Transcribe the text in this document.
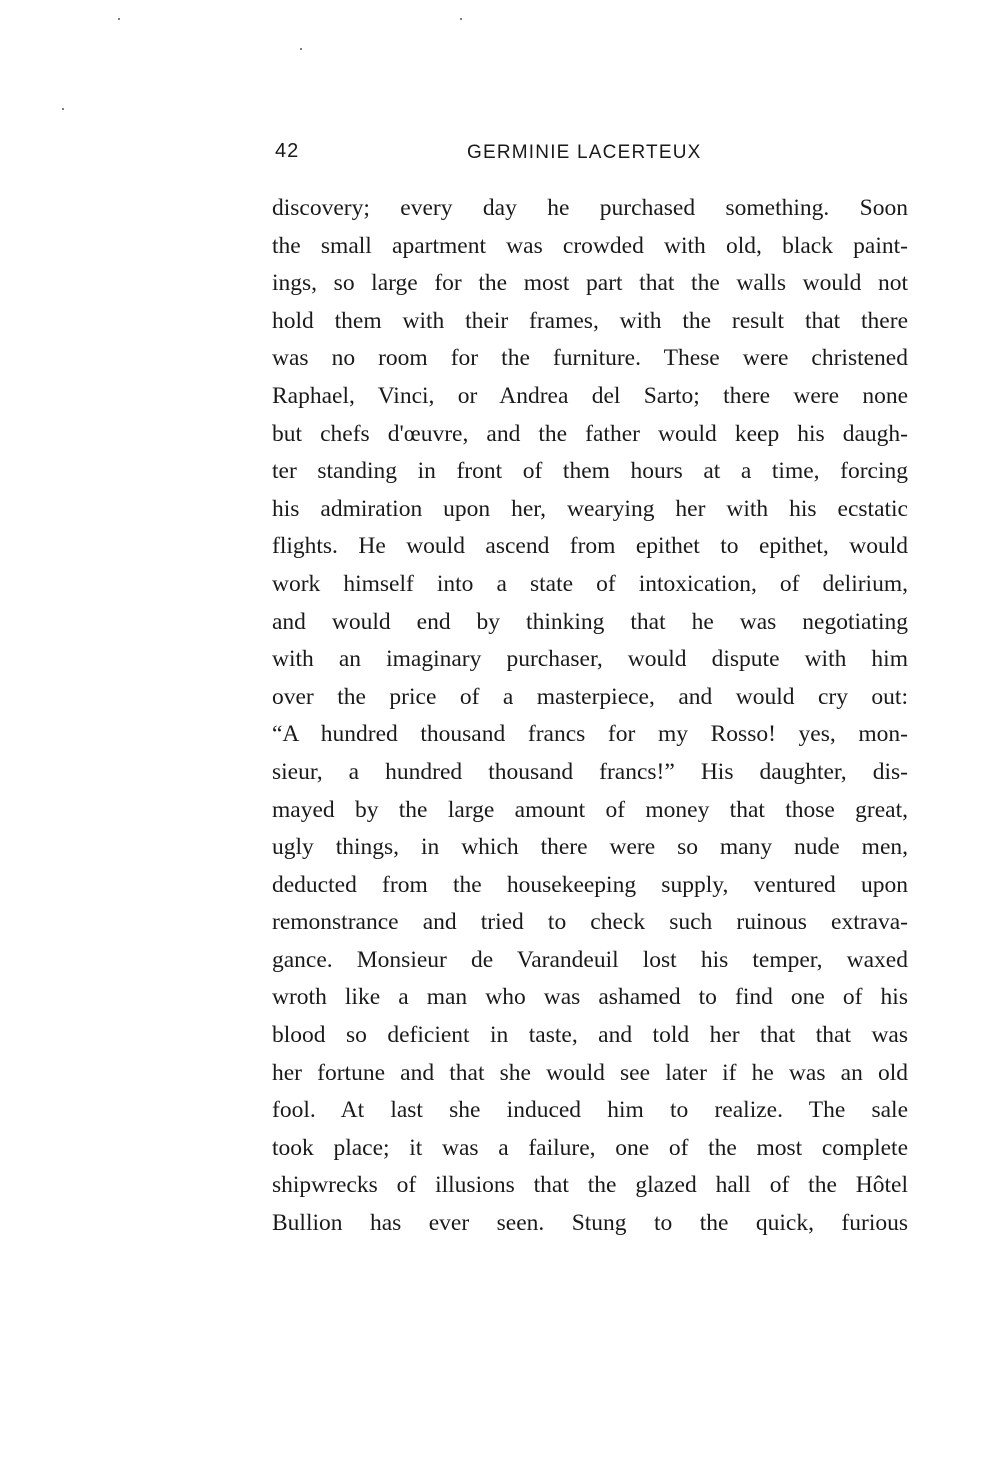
42	GERMINIE LACERTEUX
discovery; every day he purchased something. Soon
the small apartment was crowded with old, black paint-
ings, so large for the most part that the walls would not
hold them with their frames, with the result that there
was no room for the furniture. These were christened
Raphael, Vinci, or Andrea del Sarto; there were none
but chefs d'œuvre, and the father would keep his daugh-
ter standing in front of them hours at a time, forcing
his admiration upon her, wearying her with his ecstatic
flights. He would ascend from epithet to epithet, would
work himself into a state of intoxication, of delirium,
and would end by thinking that he was negotiating
with an imaginary purchaser, would dispute with him
over the price of a masterpiece, and would cry out:
“A hundred thousand francs for my Rosso! yes, mon-
sieur, a hundred thousand francs!” His daughter, dis-
mayed by the large amount of money that those great,
ugly things, in which there were so many nude men,
deducted from the housekeeping supply, ventured upon
remonstrance and tried to check such ruinous extrava-
gance. Monsieur de Varandeuil lost his temper, waxed
wroth like a man who was ashamed to find one of his
blood so deficient in taste, and told her that that was
her fortune and that she would see later if he was an old
fool. At last she induced him to realize. The sale
took place; it was a failure, one of the most complete
shipwrecks of illusions that the glazed hall of the Hôtel
Bullion has ever seen. Stung to the quick, furious
